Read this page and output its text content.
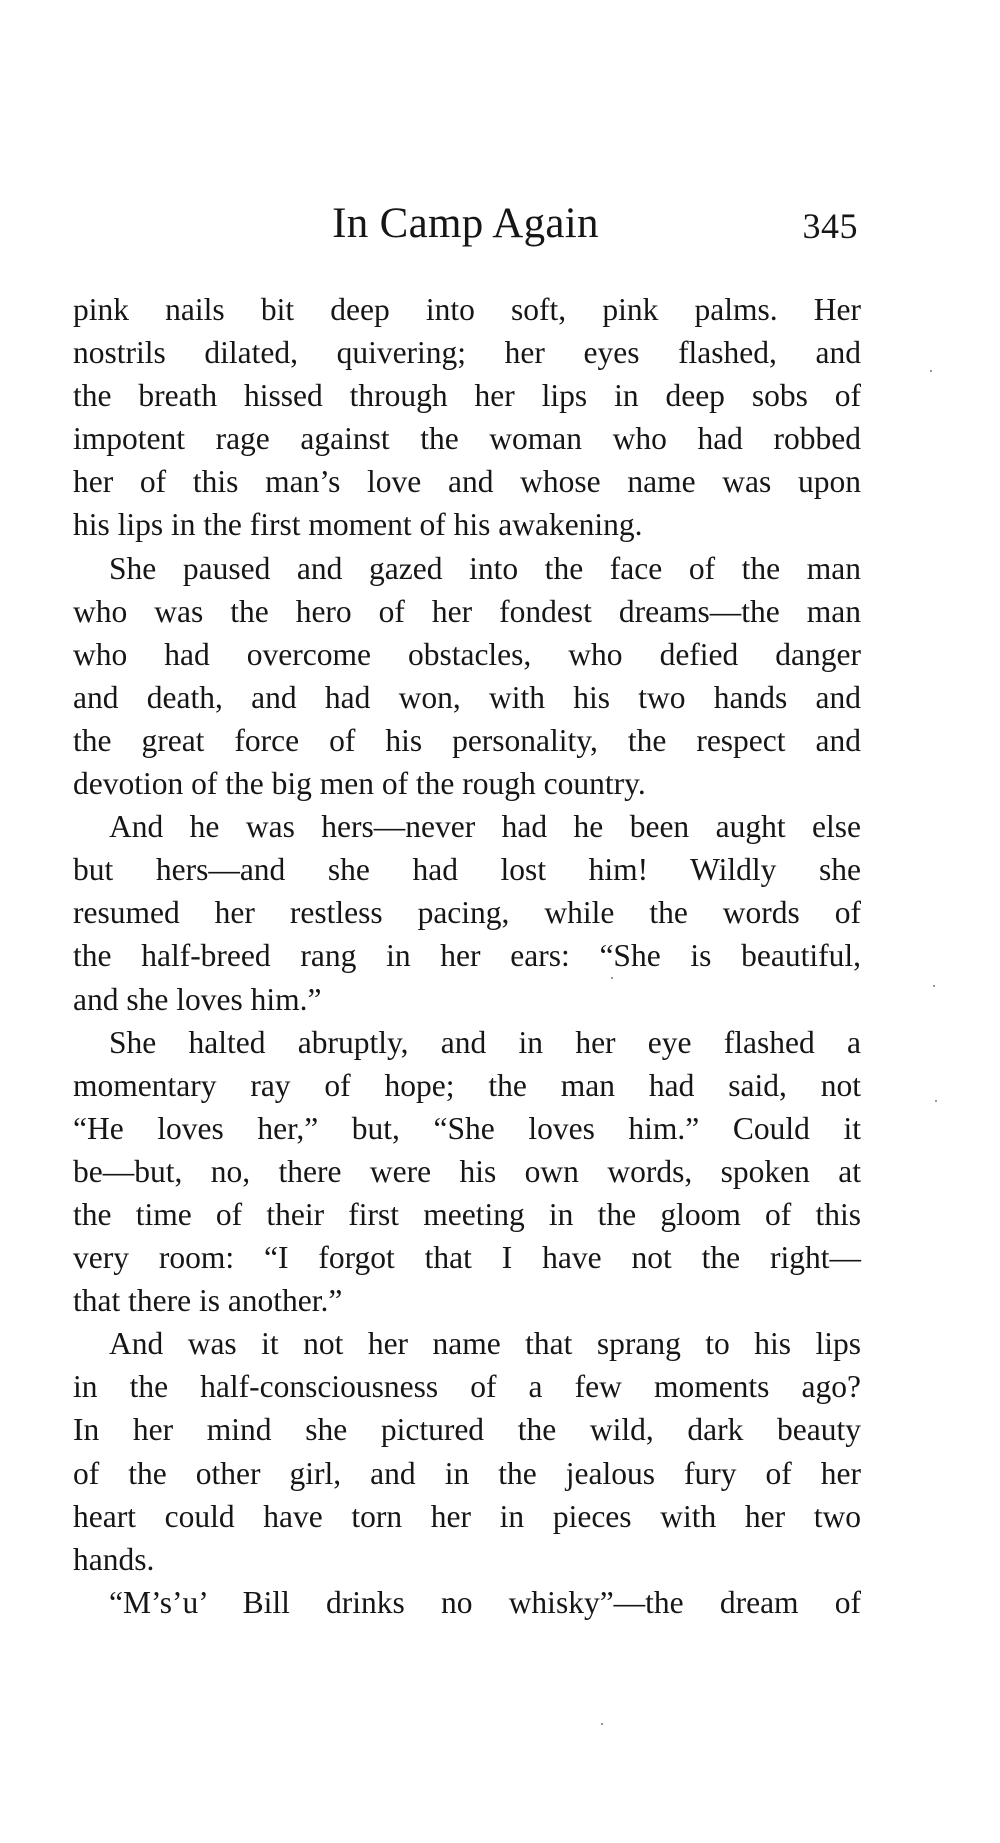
In Camp Again	345
pink nails bit deep into soft, pink palms. Her
nostrils dilated, quivering; her eyes flashed, and
the breath hissed through her lips in deep sobs of
impotent rage against the woman who had robbed
her of this man’s love and whose name was upon
his lips in the first moment of his awakening.
She paused and gazed into the face of the man
who was the hero of her fondest dreams—the man
who had overcome obstacles, who defied danger
and death, and had won, with his two hands and
the great force of his personality, the respect and
devotion of the big men of the rough country.
And he was hers—never had he been aught else
but hers—and she had lost him! Wildly she
resumed her restless pacing, while the words of
the half-breed rang in her ears: “She is beautiful,
and she loves him.”
She halted abruptly, and in her eye flashed a
momentary ray of hope; the man had said, not
“He loves her,” but, “She loves him.” Could it
be—but, no, there were his own words, spoken at
the time of their first meeting in the gloom of this
very room: “I forgot that I have not the right—
that there is another.”
And was it not her name that sprang to his lips
in the half-consciousness of a few moments ago?
In her mind she pictured the wild, dark beauty
of the other girl, and in the jealous fury of her
heart could have torn her in pieces with her two
hands.
“M’s’u’ Bill drinks no whisky”—the dream of
